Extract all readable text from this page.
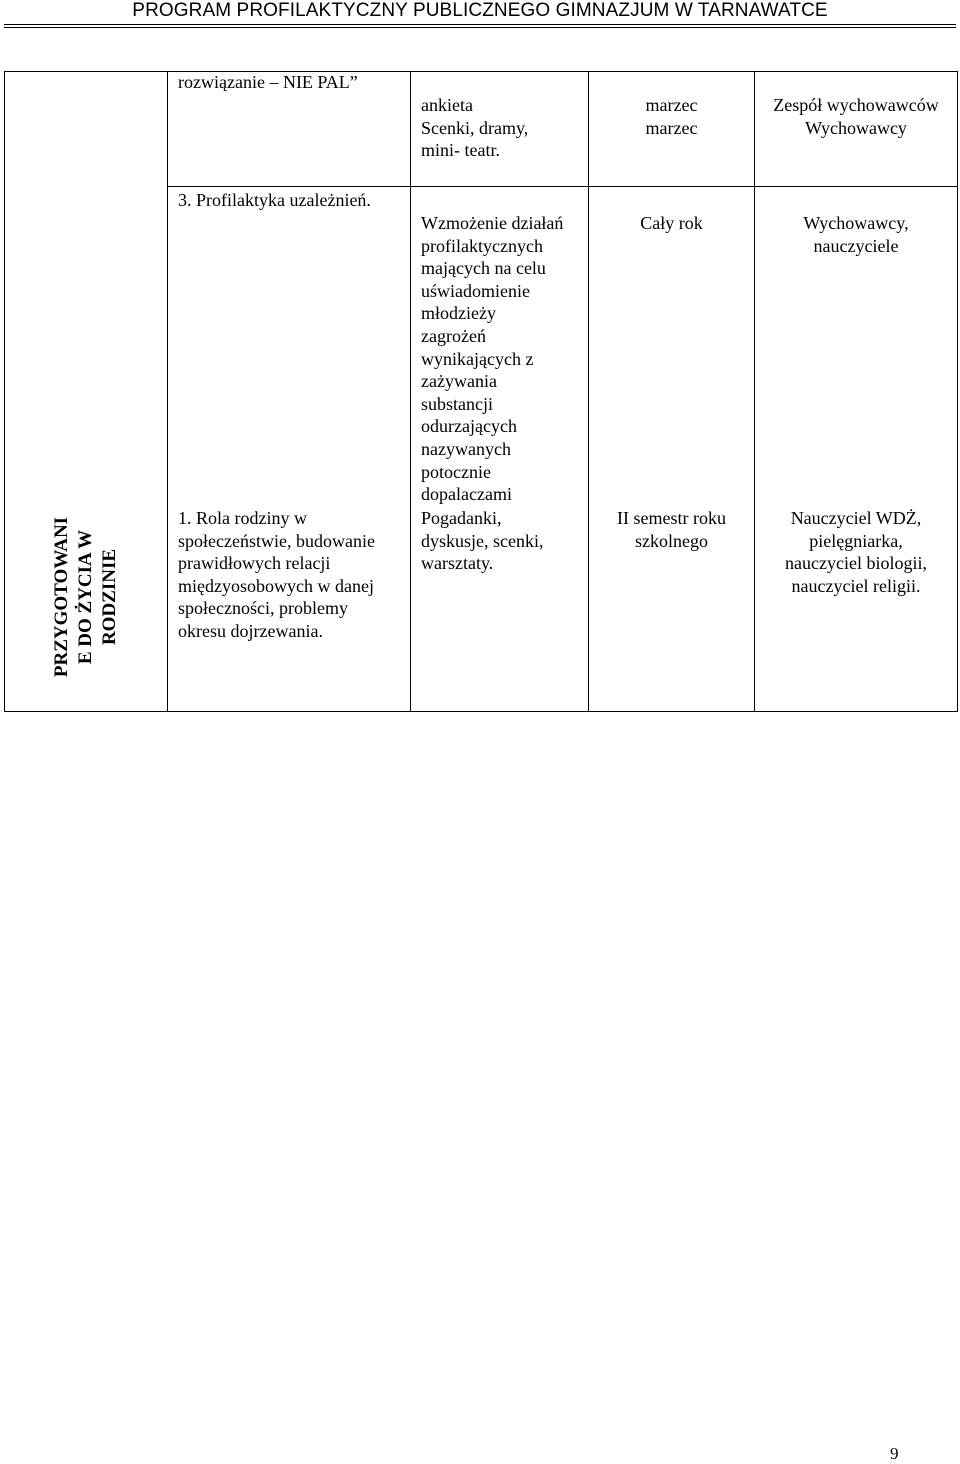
PROGRAM PROFILAKTYCZNY PUBLICZNEGO GIMNAZJUM W TARNAWATCE
PRZYGOTOWANI E DO ŻYCIA W RODZINIE
rozwiązanie – NIE PAL”
ankieta
Scenki, dramy,
mini- teatr.
marzec
marzec
Zespół wychowawców
Wychowawcy
3. Profilaktyka uzależnień.
Wzmożenie działań
profilaktycznych
mających na celu
uświadomienie
młodzieży
zagrożeń
wynikających z
zażywania
substancji
odurzających
nazywanych
potocznie
dopalaczami
Cały rok	Wychowawcy,
nauczyciele
1. Rola rodziny w
społeczeństwie, budowanie
prawidłowych relacji
międzyosobowych w danej
społeczności, problemy
okresu dojrzewania.
Pogadanki,
dyskusje, scenki,
warsztaty.
II semestr roku
szkolnego
Nauczyciel WDŻ,
pielęgniarka,
nauczyciel biologii,
nauczyciel religii.
9
